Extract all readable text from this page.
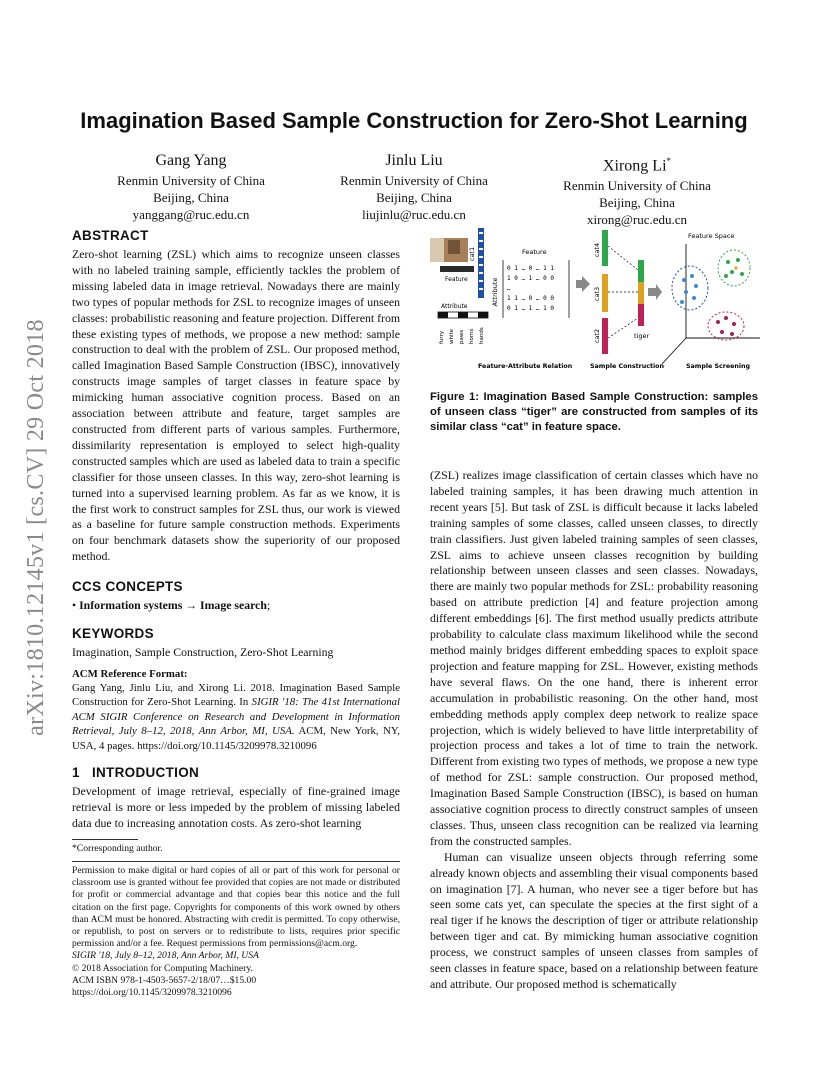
arXiv:1810.12145v1 [cs.CV] 29 Oct 2018
Imagination Based Sample Construction for Zero-Shot Learning
Gang Yang
Renmin University of China
Beijing, China
yanggang@ruc.edu.cn
Jinlu Liu
Renmin University of China
Beijing, China
liujinlu@ruc.edu.cn
Xirong Li*
Renmin University of China
Beijing, China
xirong@ruc.edu.cn
ABSTRACT

Zero-shot learning (ZSL) which aims to recognize unseen classes with no labeled training sample, efficiently tackles the problem of missing labeled data in image retrieval. Nowadays there are mainly two types of popular methods for ZSL to recognize images of unseen classes: probabilistic reasoning and feature projection. Different from these existing types of methods, we propose a new method: sample construction to deal with the problem of ZSL. Our proposed method, called Imagination Based Sample Construction (IBSC), innovatively constructs image samples of target classes in feature space by mimicking human associative cognition process. Based on an association between attribute and feature, target samples are constructed from different parts of various samples. Furthermore, dissimilarity representation is employed to select high-quality constructed samples which are used as labeled data to train a specific classifier for those unseen classes. In this way, zero-shot learning is turned into a supervised learning problem. As far as we know, it is the first work to construct samples for ZSL thus, our work is viewed as a baseline for future sample construction methods. Experiments on four benchmark datasets show the superiority of our proposed method.

CCS CONCEPTS

• Information systems → Image search;

KEYWORDS

Imagination, Sample Construction, Zero-Shot Learning

ACM Reference Format:

Gang Yang, Jinlu Liu, and Xirong Li. 2018. Imagination Based Sample Construction for Zero-Shot Learning. In SIGIR '18: The 41st International ACM SIGIR Conference on Research and Development in Information Retrieval, July 8–12, 2018, Ann Arbor, MI, USA. ACM, New York, NY, USA, 4 pages. https://doi.org/10.1145/3209978.3210096

1   INTRODUCTION

Development of image retrieval, especially of fine-grained image retrieval is more or less impeded by the problem of missing labeled data due to increasing annotation costs. As zero-shot learning

*Corresponding author.
Permission to make digital or hard copies of all or part of this work for personal or classroom use is granted without fee provided that copies are not made or distributed for profit or commercial advantage and that copies bear this notice and the full citation on the first page. Copyrights for components of this work owned by others than ACM must be honored. Abstracting with credit is permitted. To copy otherwise, or republish, to post on servers or to redistribute to lists, requires prior specific permission and/or a fee. Request permissions from permissions@acm.org.
SIGIR '18, July 8–12, 2018, Ann Arbor, MI, USA
© 2018 Association for Computing Machinery.
ACM ISBN 978-1-4503-5657-2/18/07…$15.00
https://doi.org/10.1145/3209978.3210096
cat1
Feature
Attribute
furry white paws horns hands
Feature
Attribute
0 1 … 0 … 1 1
1 0 … 1 … 0 0
…
1 1 … 0 … 0 0
0 1 … 1 … 1 0
cat4
cat3
cat2	tiger
Feature Space
Feature-Attribute Relation	Sample Construction	Sample Screening
Figure 1: Imagination Based Sample Construction: samples of unseen class “tiger” are constructed from samples of its similar class “cat” in feature space.

(ZSL) realizes image classification of certain classes which have no labeled training samples, it has been drawing much attention in recent years [5]. But task of ZSL is difficult because it lacks labeled training samples of some classes, called unseen classes, to directly train classifiers. Just given labeled training samples of seen classes, ZSL aims to achieve unseen classes recognition by building relationship between unseen classes and seen classes. Nowadays, there are mainly two popular methods for ZSL: probability reasoning based on attribute prediction [4] and feature projection among different embeddings [6]. The first method usually predicts attribute probability to calculate class maximum likelihood while the second method mainly bridges different embedding spaces to exploit space projection and feature mapping for ZSL. However, existing methods have several flaws. On the one hand, there is inherent error accumulation in probabilistic reasoning. On the other hand, most embedding methods apply complex deep network to realize space projection, which is widely believed to have little interpretability of projection process and takes a lot of time to train the network. Different from existing two types of methods, we propose a new type of method for ZSL: sample construction. Our proposed method, Imagination Based Sample Construction (IBSC), is based on human associative cognition process to directly construct samples of unseen classes. Thus, unseen class recognition can be realized via learning from the constructed samples.

Human can visualize unseen objects through referring some already known objects and assembling their visual components based on imagination [7]. A human, who never see a tiger before but has seen some cats yet, can speculate the species at the first sight of a real tiger if he knows the description of tiger or attribute relationship between tiger and cat. By mimicking human associative cognition process, we construct samples of unseen classes from samples of seen classes in feature space, based on a relationship between feature and attribute. Our proposed method is schematically
